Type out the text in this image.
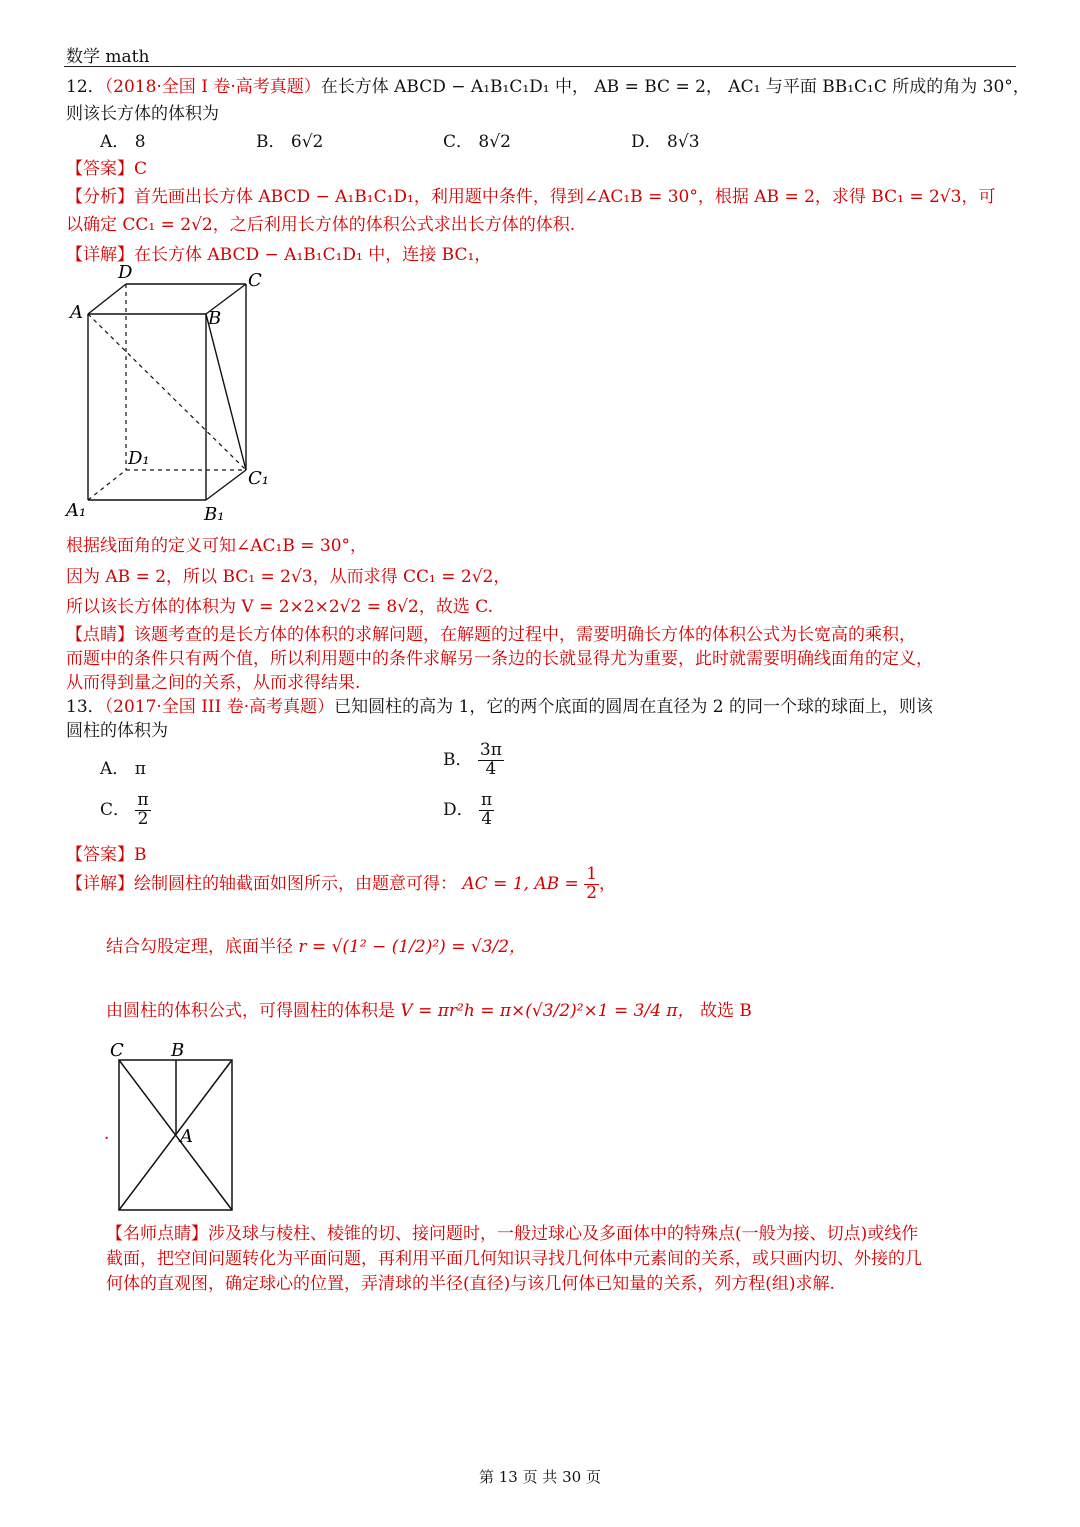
数学 math
12．（2018·全国 I 卷·高考真题）在长方体 ABCD − A₁B₁C₁D₁ 中， AB = BC = 2， AC₁ 与平面 BB₁C₁C 所成的角为 30°，
则该长方体的体积为
A． 8	B． 6√2	C． 8√2	D． 8√3
【答案】C
【分析】首先画出长方体 ABCD − A₁B₁C₁D₁，利用题中条件，得到∠AC₁B = 30°，根据 AB = 2，求得 BC₁ = 2√3，可
以确定 CC₁ = 2√2，之后利用长方体的体积公式求出长方体的体积.
【详解】在长方体 ABCD − A₁B₁C₁D₁ 中，连接 BC₁，
D	C
A	B
D₁
C₁
A₁	B₁
根据线面角的定义可知∠AC₁B = 30°，
因为 AB = 2，所以 BC₁ = 2√3，从而求得 CC₁ = 2√2，
所以该长方体的体积为 V = 2×2×2√2 = 8√2，故选 C.
【点睛】该题考查的是长方体的体积的求解问题，在解题的过程中，需要明确长方体的体积公式为长宽高的乘积，
而题中的条件只有两个值，所以利用题中的条件求解另一条边的长就显得尤为重要，此时就需要明确线面角的定义，
从而得到量之间的关系，从而求得结果.
13．（2017·全国 III 卷·高考真题）已知圆柱的高为 1，它的两个底面的圆周在直径为 2 的同一个球的球面上，则该
圆柱的体积为
A． π	B． $\frac{3\pi}{4}$
C． $\frac{\pi}{2}$	D． $\frac{\pi}{4}$
【答案】B
【详解】绘制圆柱的轴截面如图所示，由题意可得： AC = 1, AB = $\frac{1}{2}$ ，
结合勾股定理，底面半径 r = √(1² − (1/2)²) = √3/2，
由圆柱的体积公式，可得圆柱的体积是 V = πr²h = π×(√3/2)²×1 = 3/4 π， 故选 B
C	B
A
.
【名师点睛】涉及球与棱柱、棱锥的切、接问题时，一般过球心及多面体中的特殊点(一般为接、切点)或线作
截面，把空间问题转化为平面问题，再利用平面几何知识寻找几何体中元素间的关系，或只画内切、外接的几
何体的直观图，确定球心的位置，弄清球的半径(直径)与该几何体已知量的关系，列方程(组)求解.
第 13 页 共 30 页
